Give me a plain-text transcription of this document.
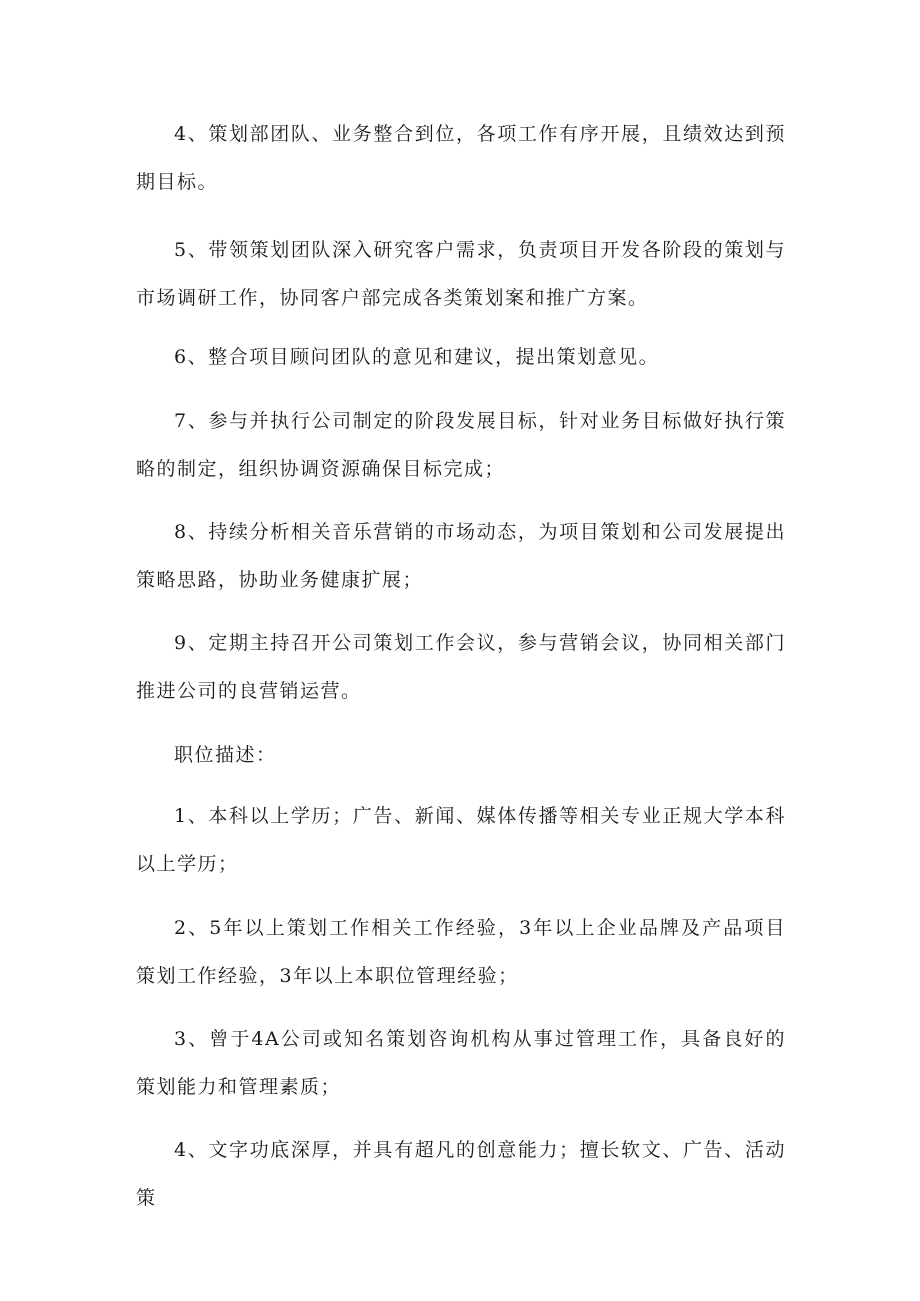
4、策划部团队、业务整合到位，各项工作有序开展，且绩效达到预期目标。

5、带领策划团队深入研究客户需求，负责项目开发各阶段的策划与市场调研工作，协同客户部完成各类策划案和推广方案。

6、整合项目顾问团队的意见和建议，提出策划意见。

7、参与并执行公司制定的阶段发展目标，针对业务目标做好执行策略的制定，组织协调资源确保目标完成；

8、持续分析相关音乐营销的市场动态，为项目策划和公司发展提出策略思路，协助业务健康扩展；

9、定期主持召开公司策划工作会议，参与营销会议，协同相关部门推进公司的良营销运营。

职位描述：

1、本科以上学历；广告、新闻、媒体传播等相关专业正规大学本科以上学历；

2、5年以上策划工作相关工作经验，3年以上企业品牌及产品项目策划工作经验，3年以上本职位管理经验；

3、曾于4A公司或知名策划咨询机构从事过管理工作，具备良好的策划能力和管理素质；

4、文字功底深厚，并具有超凡的创意能力；擅长软文、广告、活动策
